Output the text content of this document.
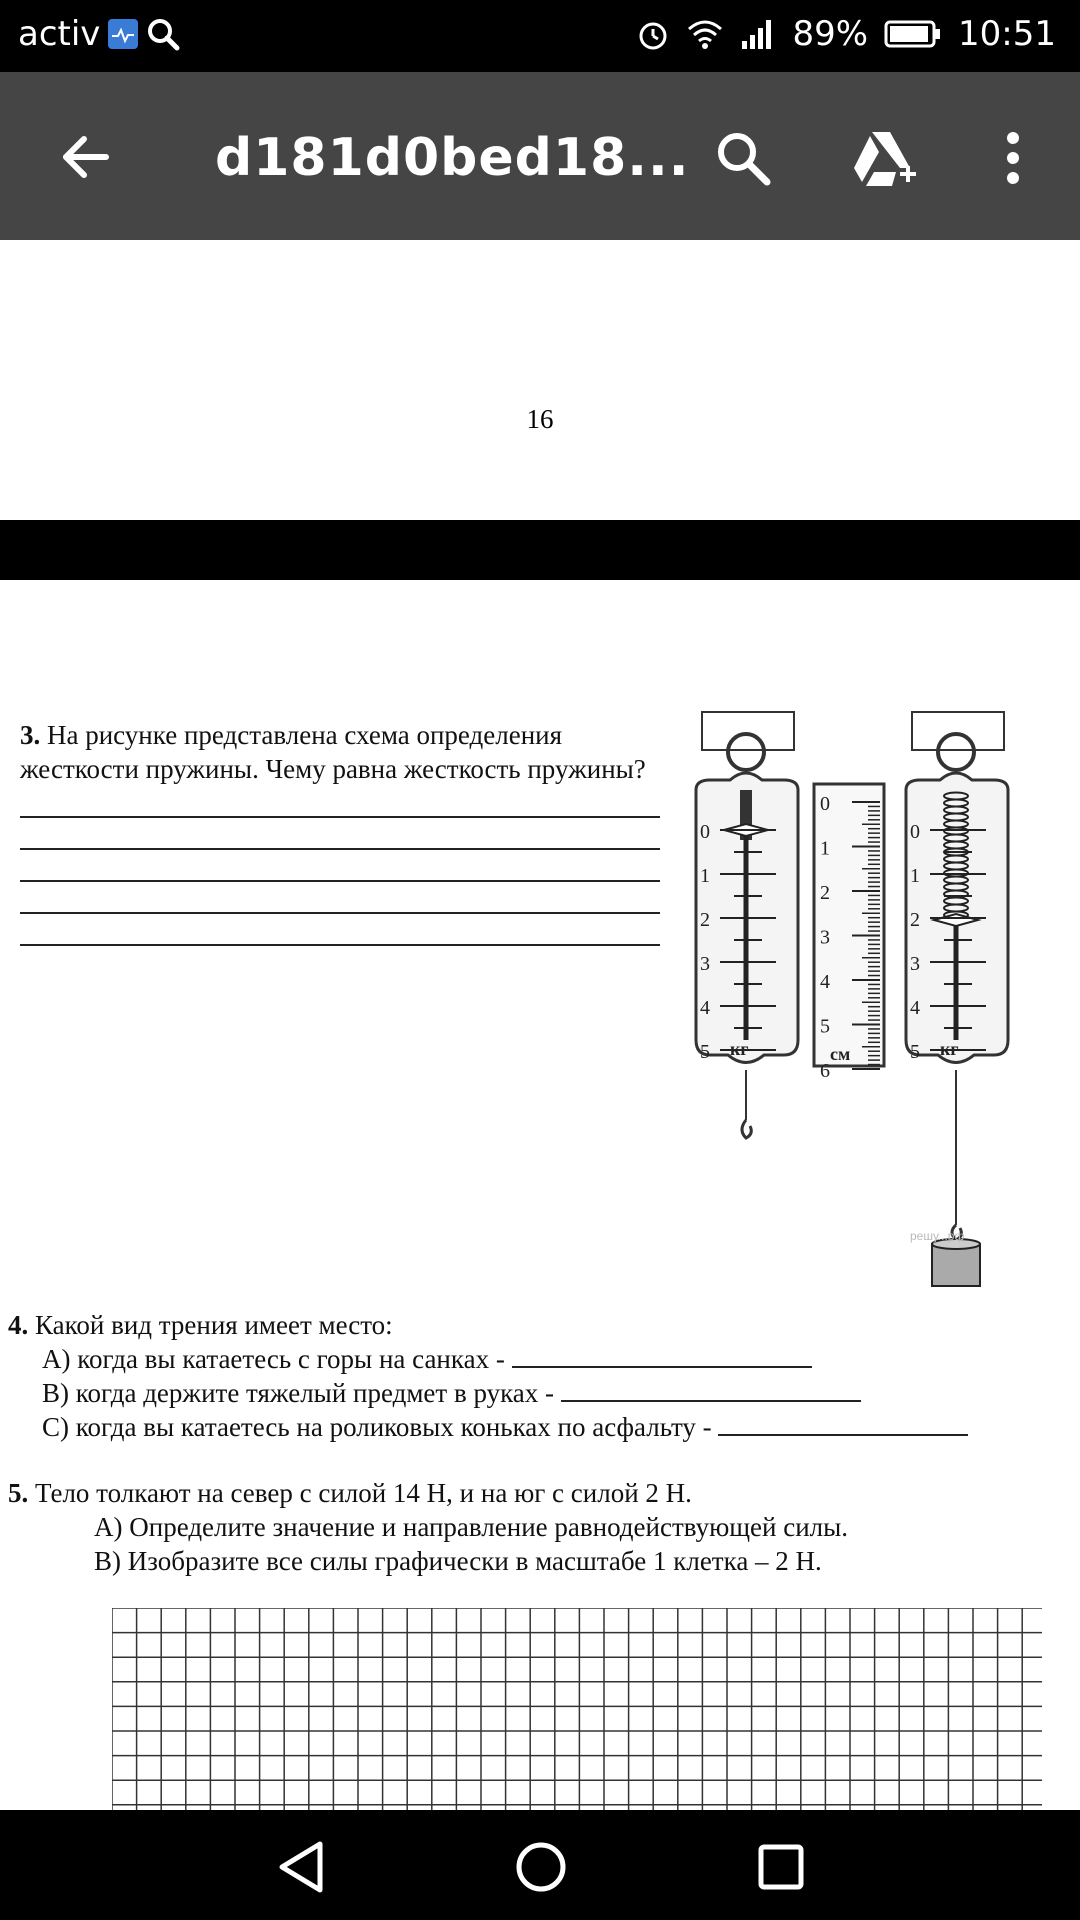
activ	89%	10:51
d181d0bed18...
16
3. На рисунке представлена схема определения жесткости пружины. Чему равна жесткость пружины?
0
1
2
3
4
5 кг
0
1
2
3
4
5
6
см
0
1
2
3
4
5 кг
решу...рф
4. Какой вид трения имеет место:
А) когда вы катаетесь с горы на санках -
В) когда держите тяжелый предмет в руках -
С) когда вы катаетесь на роликовых коньках по асфальту -
5. Тело толкают на север с силой 14 Н, и на юг с силой 2 Н.
А) Определите значение и направление равнодействующей силы.
В) Изобразите все силы графически в масштабе 1 клетка – 2 Н.
